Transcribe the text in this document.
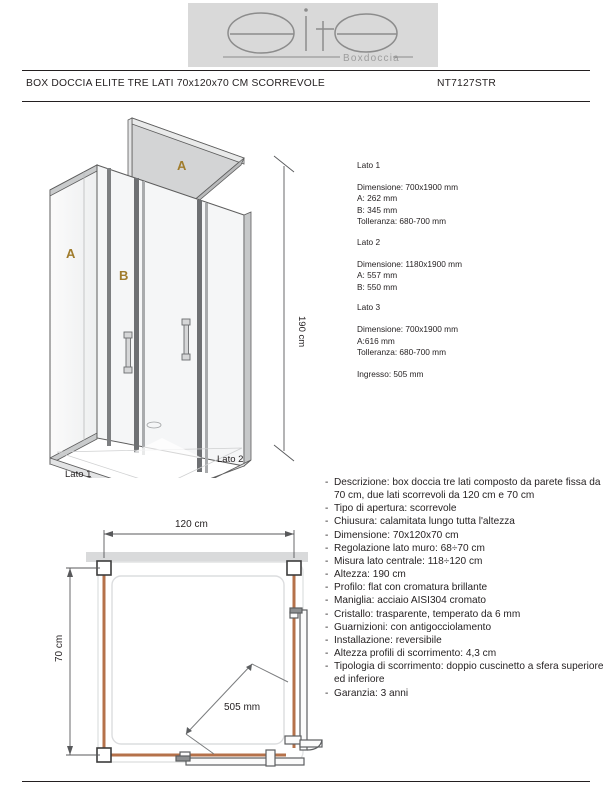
Boxdoccia
BOX DOCCIA ELITE TRE LATI 70x120x70 CM SCORREVOLE	NT7127STR
A
A
B
Lato 1
Lato 2
190 cm
505 mm
120 cm
70 cm
Lato 1
Dimensione: 700x1900 mm
A: 262 mm
B: 345 mm
Tolleranza: 680-700 mm
Lato 2
Dimensione: 1180x1900 mm
A: 557 mm
B: 550 mm
Lato 3
Dimensione: 700x1900 mm
A:616 mm
Tolleranza: 680-700 mm
Ingresso: 505 mm
- Descrizione: box doccia tre lati composto da parete fissa da 70 cm, due lati scorrevoli da 120 cm e 70 cm
- Tipo di apertura: scorrevole
- Chiusura: calamitata lungo tutta l'altezza
- Dimensione: 70x120x70 cm
- Regolazione lato muro: 68÷70 cm
- Misura lato centrale: 118÷120 cm
- Altezza: 190 cm
- Profilo: flat con cromatura brillante
- Maniglia: acciaio AISI304 cromato
- Cristallo: trasparente, temperato da 6 mm
- Guarnizioni: con antigocciolamento
- Installazione: reversibile
- Altezza profili di scorrimento: 4,3 cm
- Tipologia di scorrimento: doppio cuscinetto a sfera superiore ed inferiore
- Garanzia: 3 anni
